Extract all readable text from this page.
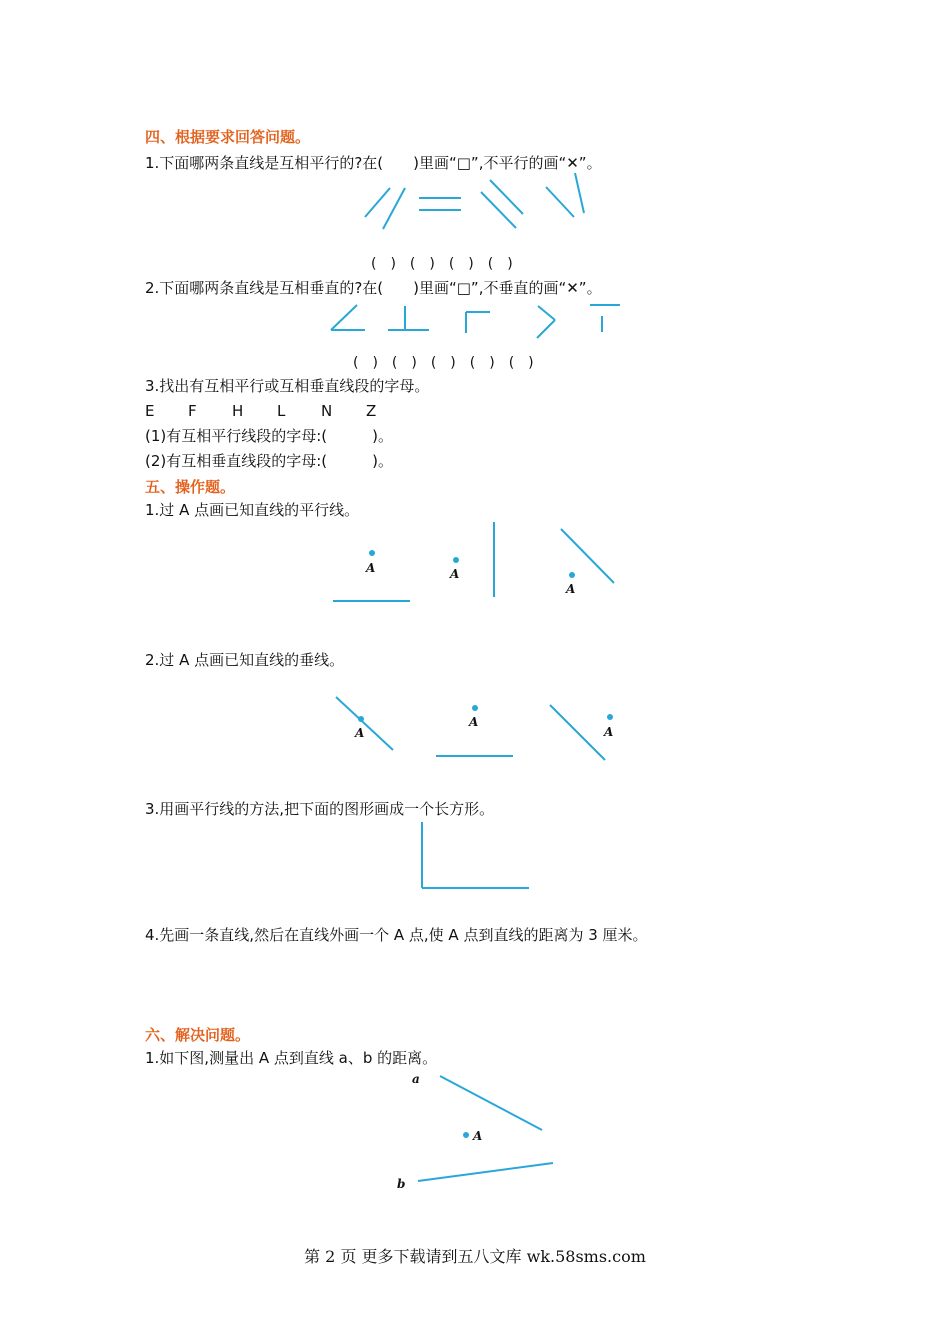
四、根据要求回答问题。
1.下面哪两条直线是互相平行的?在(　　)里画“□”,不平行的画“✕”。
A	A
A
A
A
A
A
a
b
(　)　(　)　(　)　(　)
2.下面哪两条直线是互相垂直的?在(　　)里画“□”,不垂直的画“✕”。
(　)　(　)　(　)　(　)　(　)
3.找出有互相平行或互相垂直线段的字母。
E F H L N Z
(1)有互相平行线段的字母:(　　　)。
(2)有互相垂直线段的字母:(　　　)。
五、操作题。
1.过 A 点画已知直线的平行线。
2.过 A 点画已知直线的垂线。
3.用画平行线的方法,把下面的图形画成一个长方形。
4.先画一条直线,然后在直线外画一个 A 点,使 A 点到直线的距离为 3 厘米。
六、解决问题。
1.如下图,测量出 A 点到直线 a、b 的距离。
第 2 页 更多下载请到五八文库 wk.58sms.com
